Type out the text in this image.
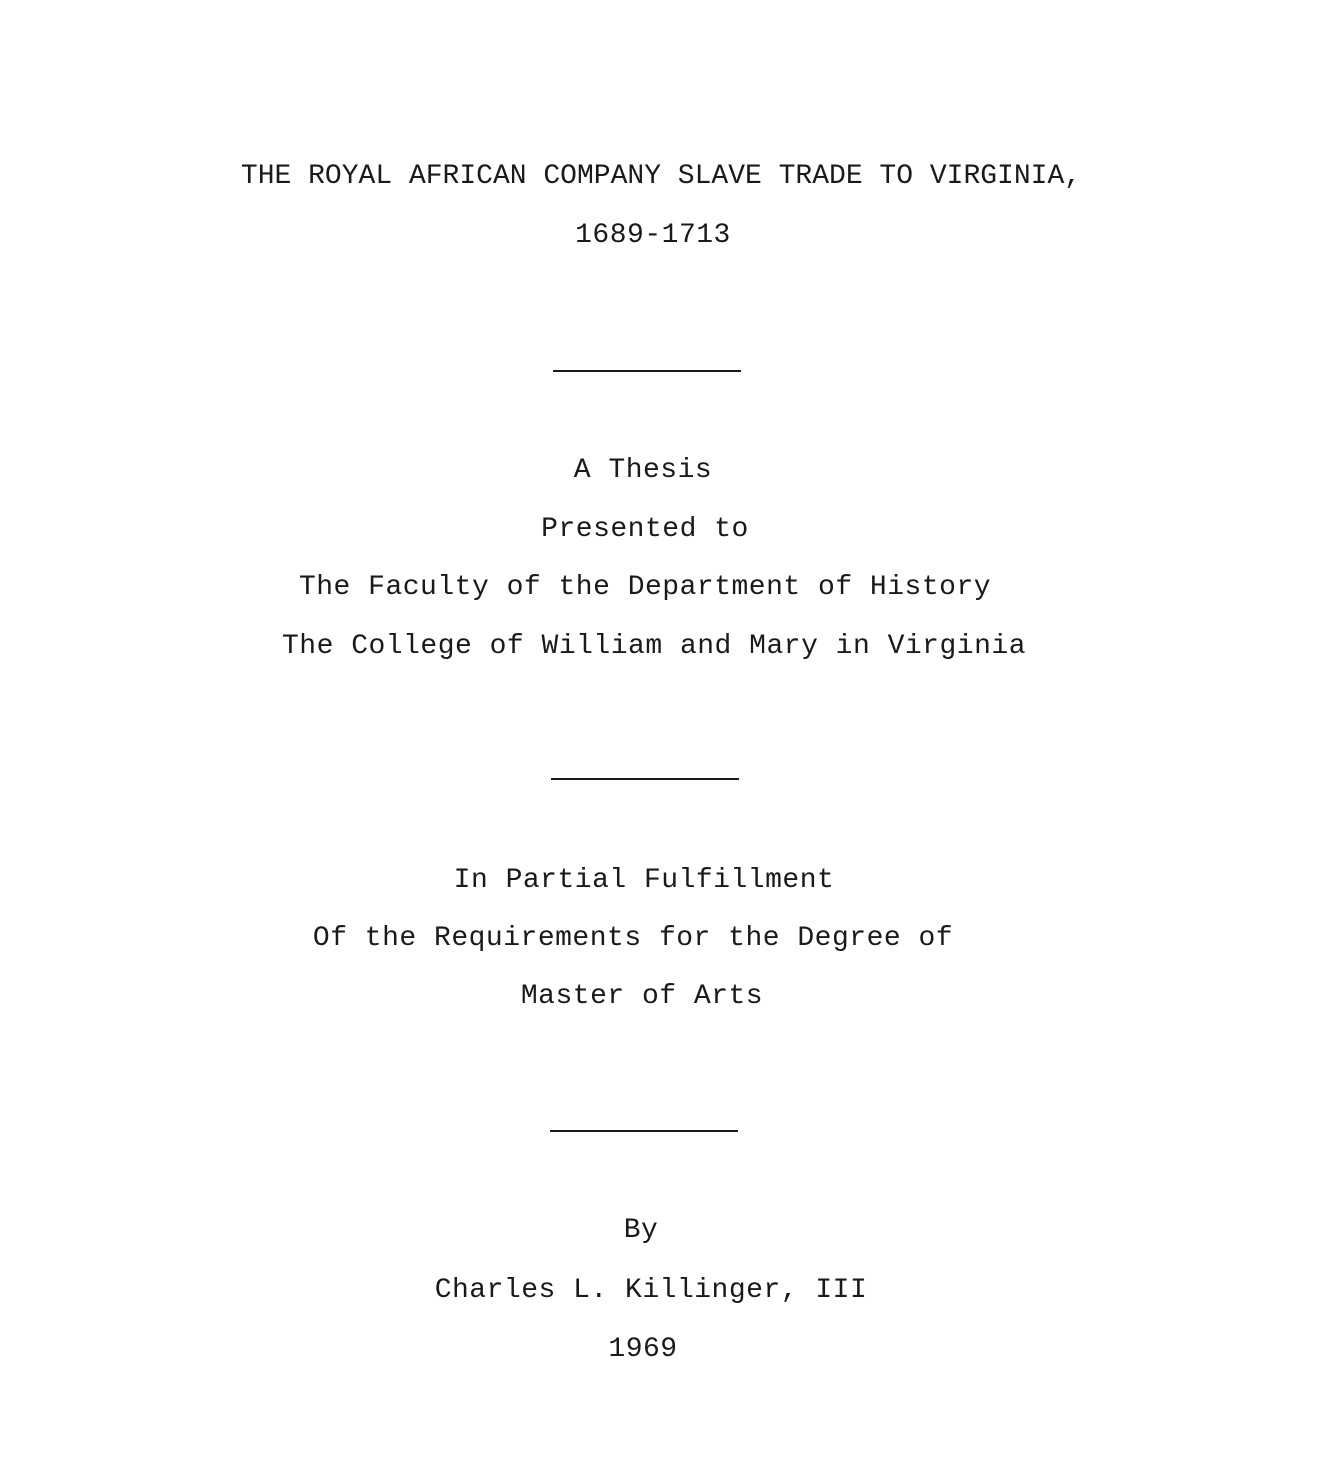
THE ROYAL AFRICAN COMPANY SLAVE TRADE TO VIRGINIA,
1689-1713
A Thesis
Presented to
The Faculty of the Department of History
The College of William and Mary in Virginia
In Partial Fulfillment
Of the Requirements for the Degree of
Master of Arts
By
Charles L. Killinger, III
1969
